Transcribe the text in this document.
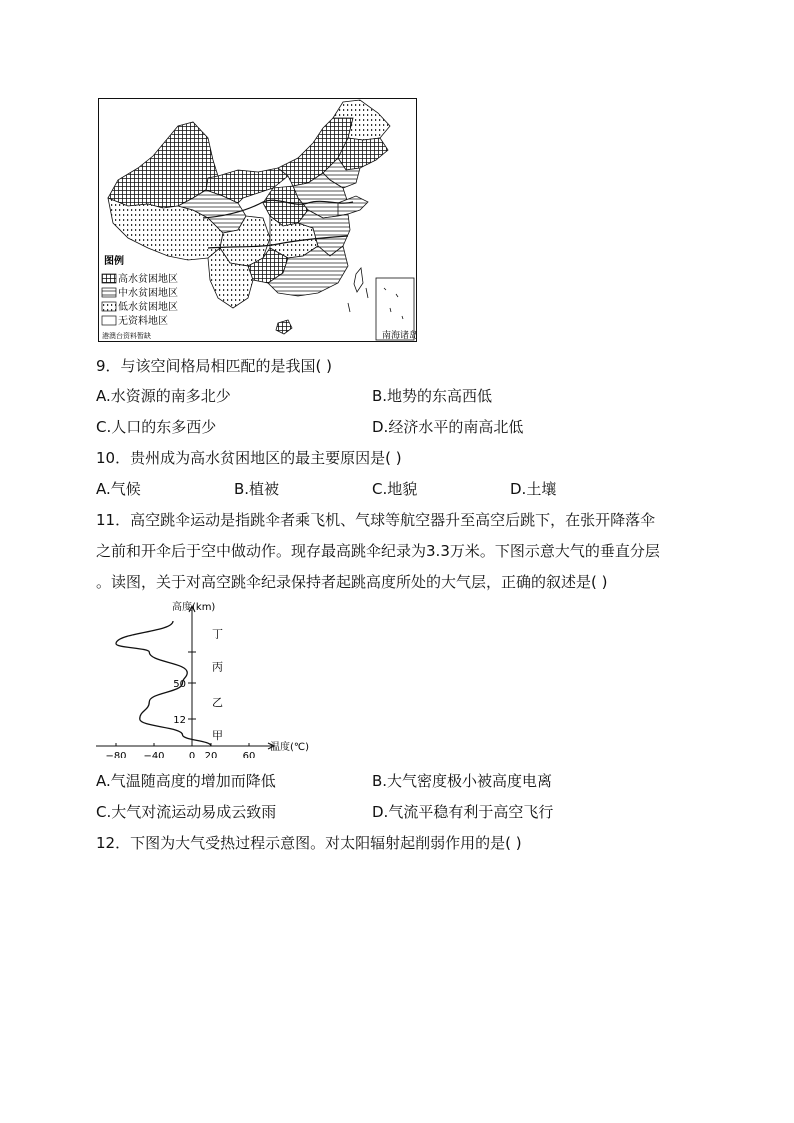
南海诸岛
图例
高水贫困地区
中水贫困地区
低水贫困地区
无资料地区
港澳台资料暂缺
9．与该空间格局相匹配的是我国( )
A.水资源的南多北少	B.地势的东高西低
C.人口的东多西少	D.经济水平的南高北低
10．贵州成为高水贫困地区的最主要原因是( )
A.气候	B.植被	C.地貌	D.土壤
11．高空跳伞运动是指跳伞者乘飞机、气球等航空器升至高空后跳下，在张开降落伞
之前和开伞后于空中做动作。现存最高跳伞纪录为3.3万米。下图示意大气的垂直分层
。读图，关于对高空跳伞纪录保持者起跳高度所处的大气层，正确的叙述是( )
高度(km)
温度(℃)
−80 −40 0 20	60
12
50
甲
乙
丙
丁
A.气温随高度的增加而降低	B.大气密度极小被高度电离
C.大气对流运动易成云致雨	D.气流平稳有利于高空飞行
12．下图为大气受热过程示意图。对太阳辐射起削弱作用的是( )
